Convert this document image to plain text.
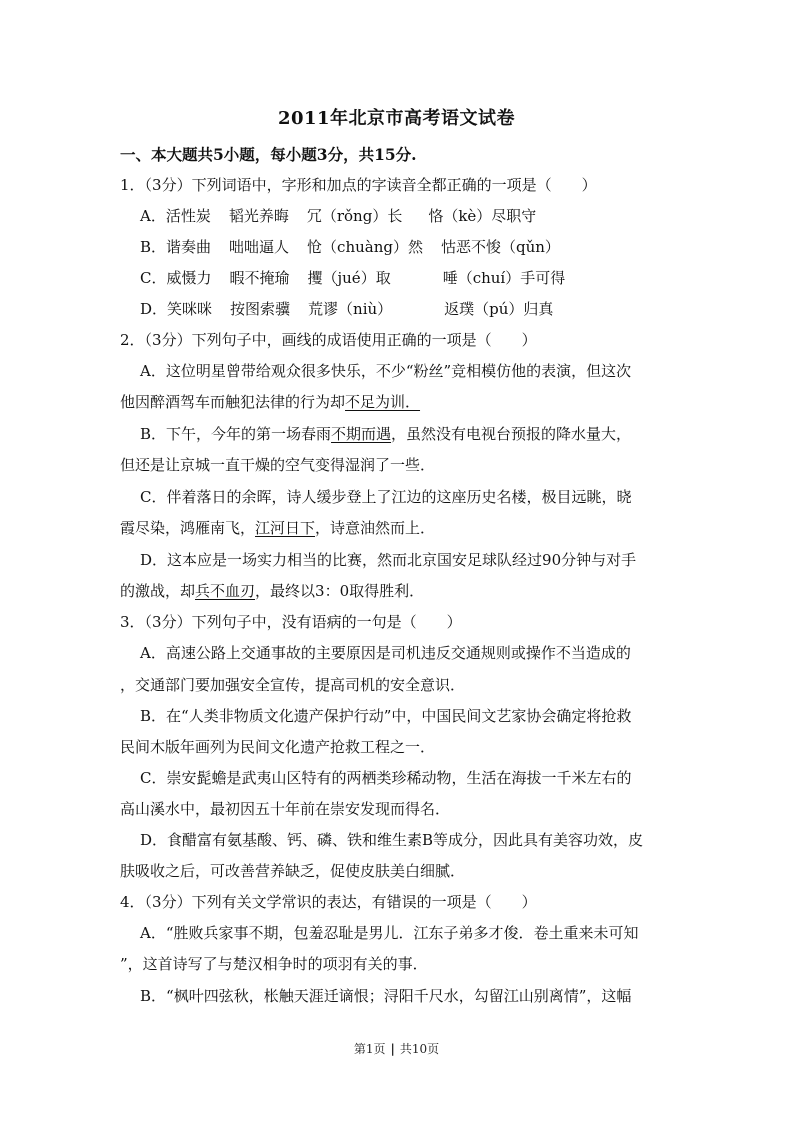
2011年北京市高考语文试卷
一、本大题共5小题，每小题3分，共15分.
1．（3分）下列词语中，字形和加点的字读音全都正确的一项是（　　）
A．活性炭 韬光养晦 冗（rǒng）长 恪（kè）尽职守
B．谐奏曲 咄咄逼人 怆（chuàng）然 怙恶不悛（qǔn）
C．威慑力 暇不掩瑜 攫（jué）取	唾（chuí）手可得
D．笑咪咪 按图索骥 荒谬（niù）	返璞（pú）归真
2．（3分）下列句子中，画线的成语使用正确的一项是（　　）
A．这位明星曾带给观众很多快乐，不少“粉丝”竞相模仿他的表演，但这次
他因醉酒驾车而触犯法律的行为却不足为训．
B．下午，今年的第一场春雨不期而遇，虽然没有电视台预报的降水量大，
但还是让京城一直干燥的空气变得湿润了一些．
C．伴着落日的余晖，诗人缓步登上了江边的这座历史名楼，极目远眺，晓
霞尽染，鸿雁南飞，江河日下，诗意油然而上．
D．这本应是一场实力相当的比赛，然而北京国安足球队经过90分钟与对手
的激战，却兵不血刃，最终以3：0取得胜利．
3．（3分）下列句子中，没有语病的一句是（　　）
A．高速公路上交通事故的主要原因是司机违反交通规则或操作不当造成的
，交通部门要加强安全宣传，提高司机的安全意识．
B．在“人类非物质文化遗产保护行动”中，中国民间文艺家协会确定将抢救
民间木版年画列为民间文化遗产抢救工程之一．
C．崇安髭蟾是武夷山区特有的两栖类珍稀动物，生活在海拔一千米左右的
高山溪水中，最初因五十年前在崇安发现而得名．
D．食醋富有氨基酸、钙、磷、铁和维生素B等成分，因此具有美容功效，皮
肤吸收之后，可改善营养缺乏，促使皮肤美白细腻．
4．（3分）下列有关文学常识的表达，有错误的一项是（　　）
A．“胜败兵家事不期，包羞忍耻是男儿．江东子弟多才俊．卷土重来未可知
”，这首诗写了与楚汉相争时的项羽有关的事．
B．“枫叶四弦秋，枨触天涯迁谪恨；浔阳千尺水，勾留江山别离情”，这幅
第1页 | 共10页
